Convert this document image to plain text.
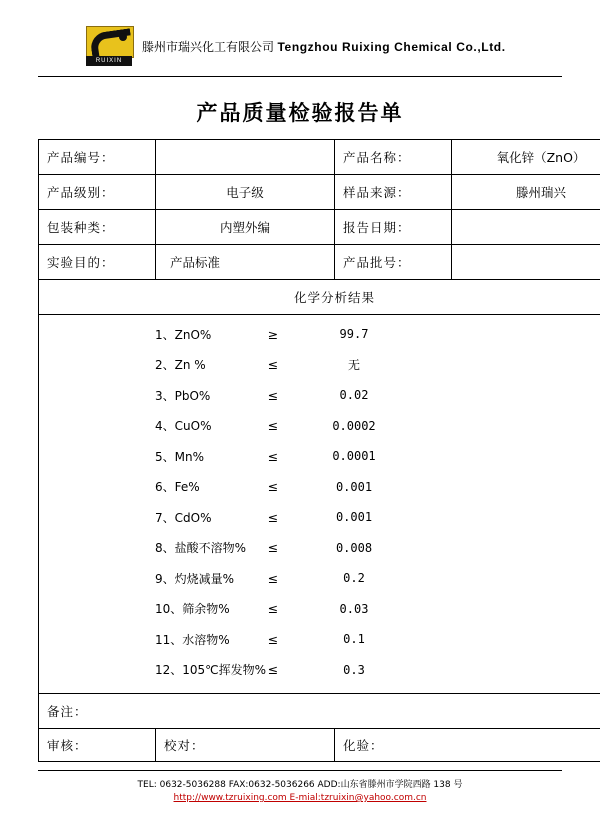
RUIXIN
滕州市瑞兴化工有限公司 Tengzhou Ruixing Chemical Co.,Ltd.
产品质量检验报告单
产品编号：		产品名称：	氧化锌（ZnO）
产品级别：	电子级	样品来源：	滕州瑞兴
包装种类：	内塑外编	报告日期：	
实验目的：	产品标准	产品批号：	
化学分析结果			

1、ZnO%	≥	99.7
2、Zn %	≤	无
3、PbO%	≤	0.02
4、CuO%	≤	0.0002
5、Mn%	≤	0.0001
6、Fe%	≤	0.001
7、CdO%	≤	0.001
8、盐酸不溶物%	≤	0.008
9、灼烧减量%	≤	0.2
10、筛余物%	≤	0.03
11、水溶物%	≤	0.1
12、105℃挥发物% ≤	0.3

备注：			
审核：	校对：	化验：	
TEL: 0632-5036288 FAX:0632-5036266 ADD:山东省滕州市学院西路 138 号
http://www.tzruixing.com E-mial:tzruixin@yahoo.com.cn
